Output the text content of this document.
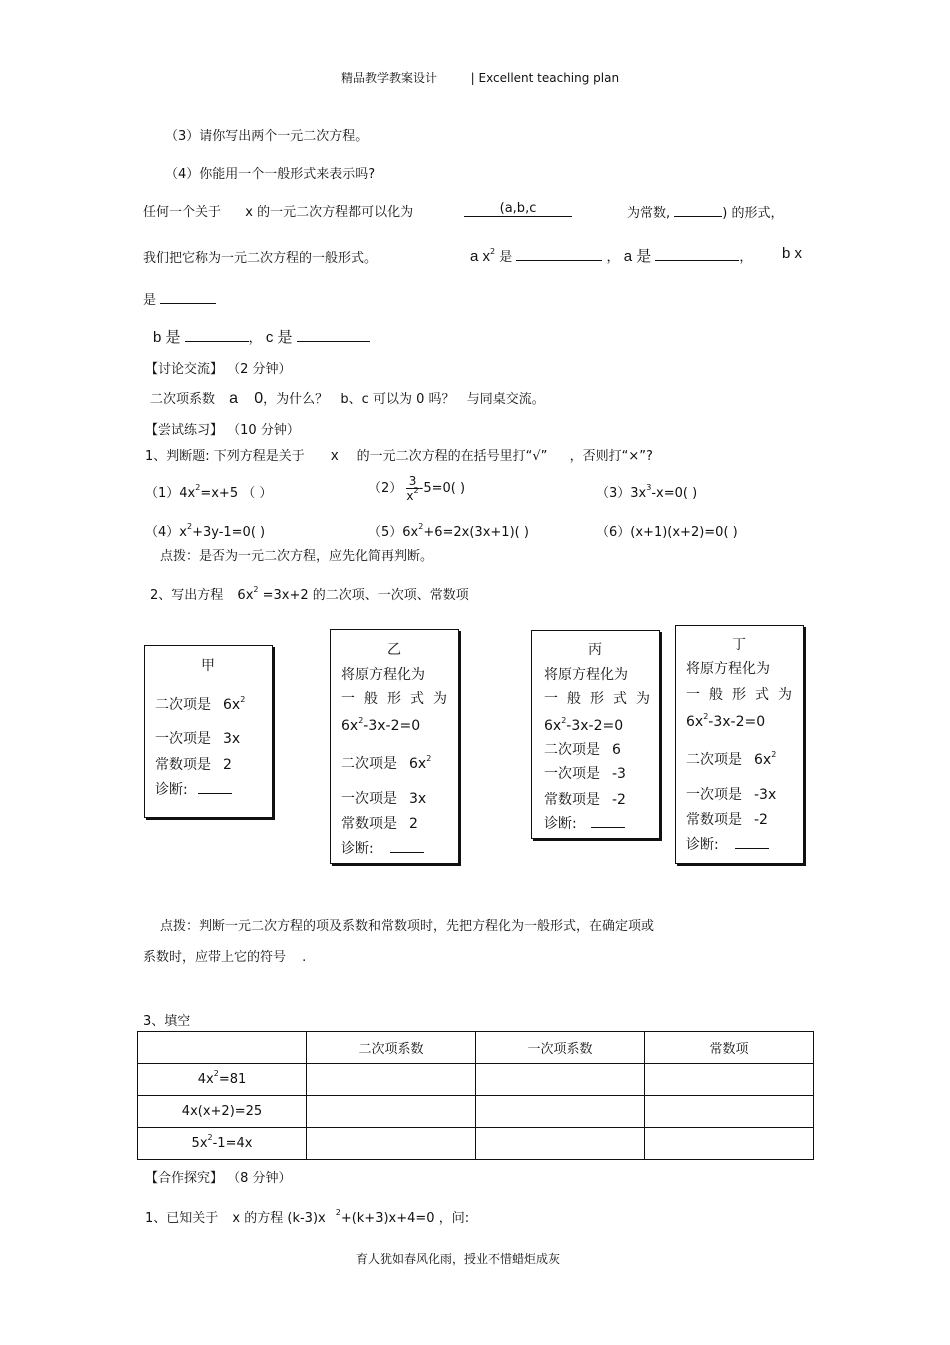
精品教学教案设计	| Excellent teaching plan
（3）请你写出两个一元二次方程。
（4）你能用一个一般形式来表示吗?
任何一个关于 x 的一元二次方程都可以化为	(a,b,c	为常数,	) 的形式，
我们把它称为一元二次方程的一般形式。	a $x^2$ 是	， a 是	， b x
是
b 是	， c 是
【讨论交流】 （2 分钟）
二次项系数 a 0，为什么？ b、c 可以为 0 吗？ 与同桌交流。
【尝试练习】 （10 分钟）
1、判断题: 下列方程是关于 x 的一元二次方程的在括号里打“√” ，否则打“×”?
$(1)4x^2=x+5$ （ ）	$(2) \frac{3}{x^2} -5=0$( )	$(3)3x^3-x=0$( )
$(4)x^2+3y-1=0$( )	$(5)6x^2+6=2x(3x+1)$( )	（6）(x+1)(x+2)=0( )
点拨：是否为一元二次方程，应先化简再判断。
2、写出方程 $6x^2 =3x+2$ 的二次项、一次项、常数项
甲
二次项是 $6x^2$
一次项是 3x
常数项是 2
诊断:
乙
将原方程化为
一般形式为
$6x^2-3x-2=0$
二次项是 $6x^2$
一次项是 3x
常数项是 2
诊断:
丙
将原方程化为
一般形式为
$6x^2-3x-2=0$
二次项是 6
一次项是 -3
常数项是 -2
诊断:
丁
将原方程化为
一般形式为
$6x^2-3x-2=0$
二次项是 $6x^2$
一次项是 -3x
常数项是 -2
诊断:
点拨：判断一元二次方程的项及系数和常数项时，先把方程化为一般形式，在确定项或
系数时，应带上它的符号 .
3、填空
	二次项系数	一次项系数	常数项
$4x^2=81$			
4x(x+2)=25			
$5x^2-1=4x$			
【合作探究】 （8 分钟）
1、已知关于 x 的方程 (k-3)x $^2$+(k+3)x+4=0 ，问:
育人犹如春风化雨，授业不惜蜡炬成灰
